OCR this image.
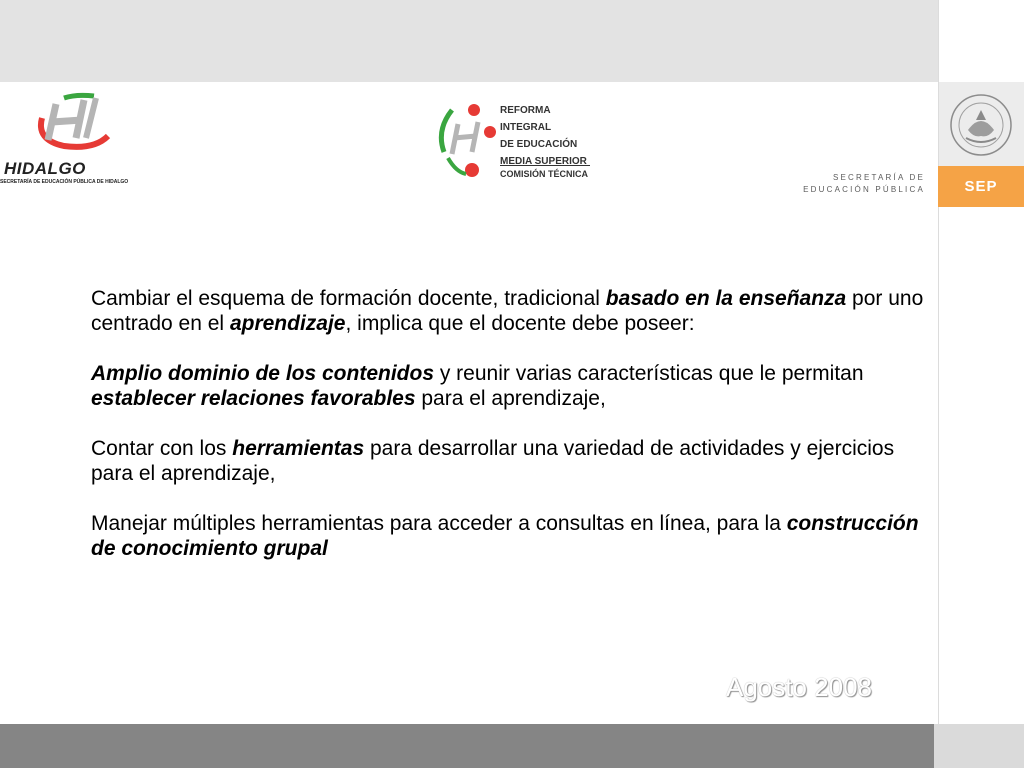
SECRETARÍA DE
EDUCACIÓN PÚBLICA	SEP
HIDALGO
SECRETARÍA DE EDUCACIÓN PÚBLICA DE HIDALGO
REFORMA INTEGRAL
DE EDUCACIÓN
MEDIA SUPERIOR
COMISIÓN TÉCNICA

Cambiar el esquema de formación docente, tradicional basado en la enseñanza por uno centrado en el aprendizaje, implica que el docente debe poseer:

Amplio dominio de los contenidos y reunir varias características que le permitan establecer relaciones favorables para el aprendizaje,

Contar con los herramientas para desarrollar una variedad de actividades y ejercicios para el aprendizaje,

Manejar múltiples herramientas para acceder a consultas en línea, para la construcción de conocimiento grupal

Agosto 2008
